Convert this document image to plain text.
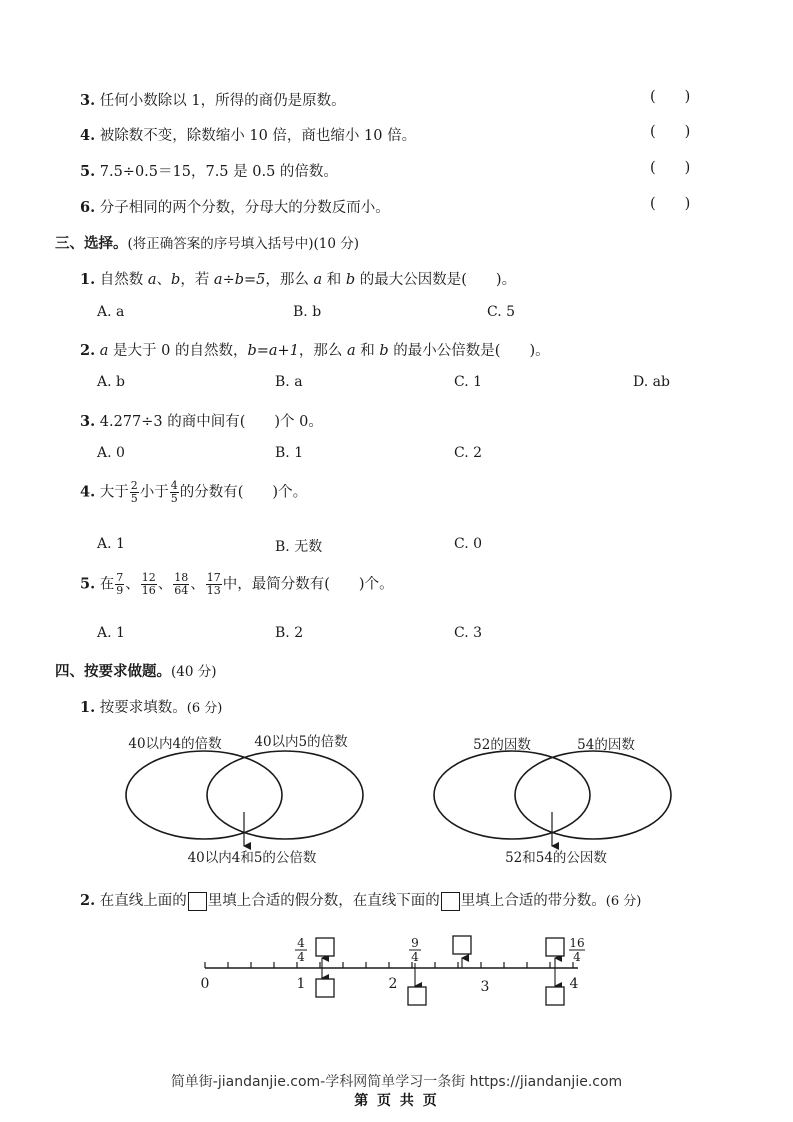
3. 任何小数除以 1，所得的商仍是原数。	(  )
4. 被除数不变，除数缩小 10 倍，商也缩小 10 倍。	(  )
5. 7.5÷0.5＝15，7.5 是 0.5 的倍数。	(  )
6. 分子相同的两个分数，分母大的分数反而小。	(  )
三、选择。(将正确答案的序号填入括号中)(10 分)
1. 自然数 a、b，若 a÷b=5，那么 a 和 b 的最大公因数是(  )。
A. a	B. b	C. 5
2. a 是大于 0 的自然数，b=a+1，那么 a 和 b 的最小公倍数是(  )。
A. b	B. a	C. 1	D. ab
3. 4.277÷3 的商中间有(  )个 0。
A. 0	B. 1	C. 2
4. 大于 $\frac{2}{5}$ 小于 $\frac{4}{5}$ 的分数有(  )个。
A. 1	B. 无数	C. 0
5. 在 $\frac{7}{9}$ 、 $\frac{12}{16}$ 、 $\frac{18}{64}$ 、 $\frac{17}{13}$ 中，最简分数有(  )个。
A. 1	B. 2	C. 3
四、按要求做题。(40 分)
1. 按要求填数。(6 分)
40以内4的倍数 40以内5的倍数
40以内4和5的公倍数
52的因数	54的因数
52和54的公因数
0	1	2	3	4
4
4
9
4
16
4
2. 在直线上面的 里填上合适的假分数，在直线下面的 里填上合适的带分数。(6 分)
简单街-jiandanjie.com-学科网简单学习一条街 https://jiandanjie.com
第 页 共 页
